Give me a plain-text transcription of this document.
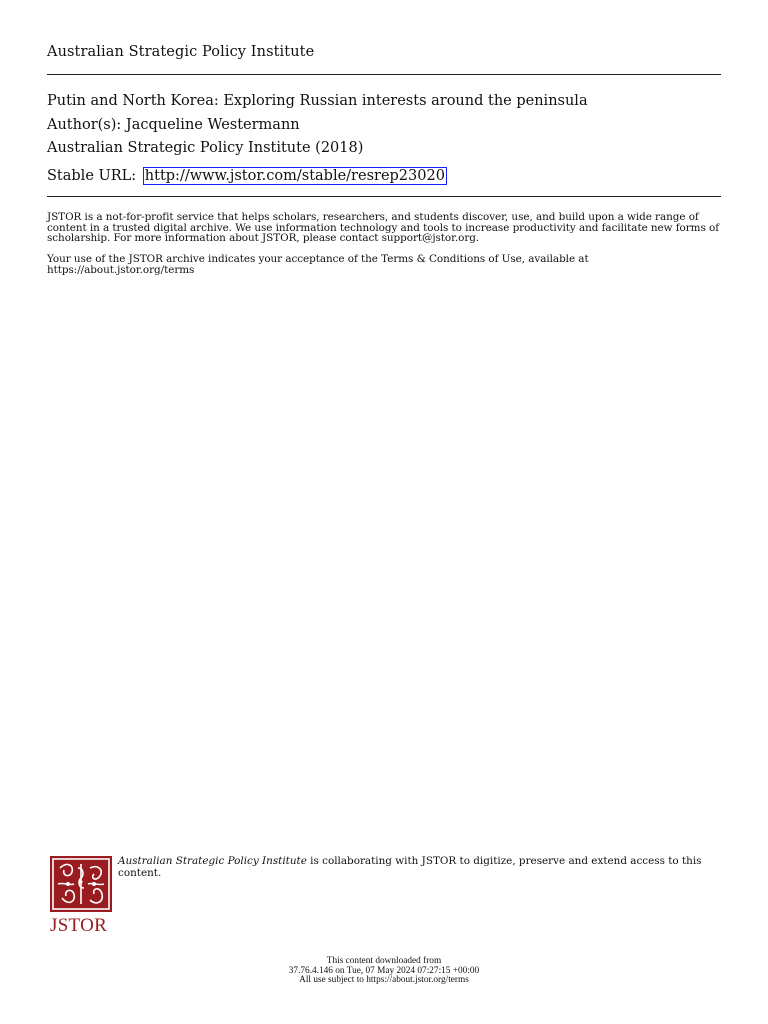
Australian Strategic Policy Institute
Putin and North Korea: Exploring Russian interests around the peninsula
Author(s): Jacqueline Westermann
Australian Strategic Policy Institute (2018)
Stable URL: http://www.jstor.com/stable/resrep23020
JSTOR is a not-for-profit service that helps scholars, researchers, and students discover, use, and build upon a wide range of content in a trusted digital archive. We use information technology and tools to increase productivity and facilitate new forms of scholarship. For more information about JSTOR, please contact support@jstor.org.
Your use of the JSTOR archive indicates your acceptance of the Terms & Conditions of Use, available at https://about.jstor.org/terms
JSTOR
Australian Strategic Policy Institute is collaborating with JSTOR to digitize, preserve and extend access to this content.
This content downloaded from
37.76.4.146 on Tue, 07 May 2024 07:27:15 +00:00
All use subject to https://about.jstor.org/terms
